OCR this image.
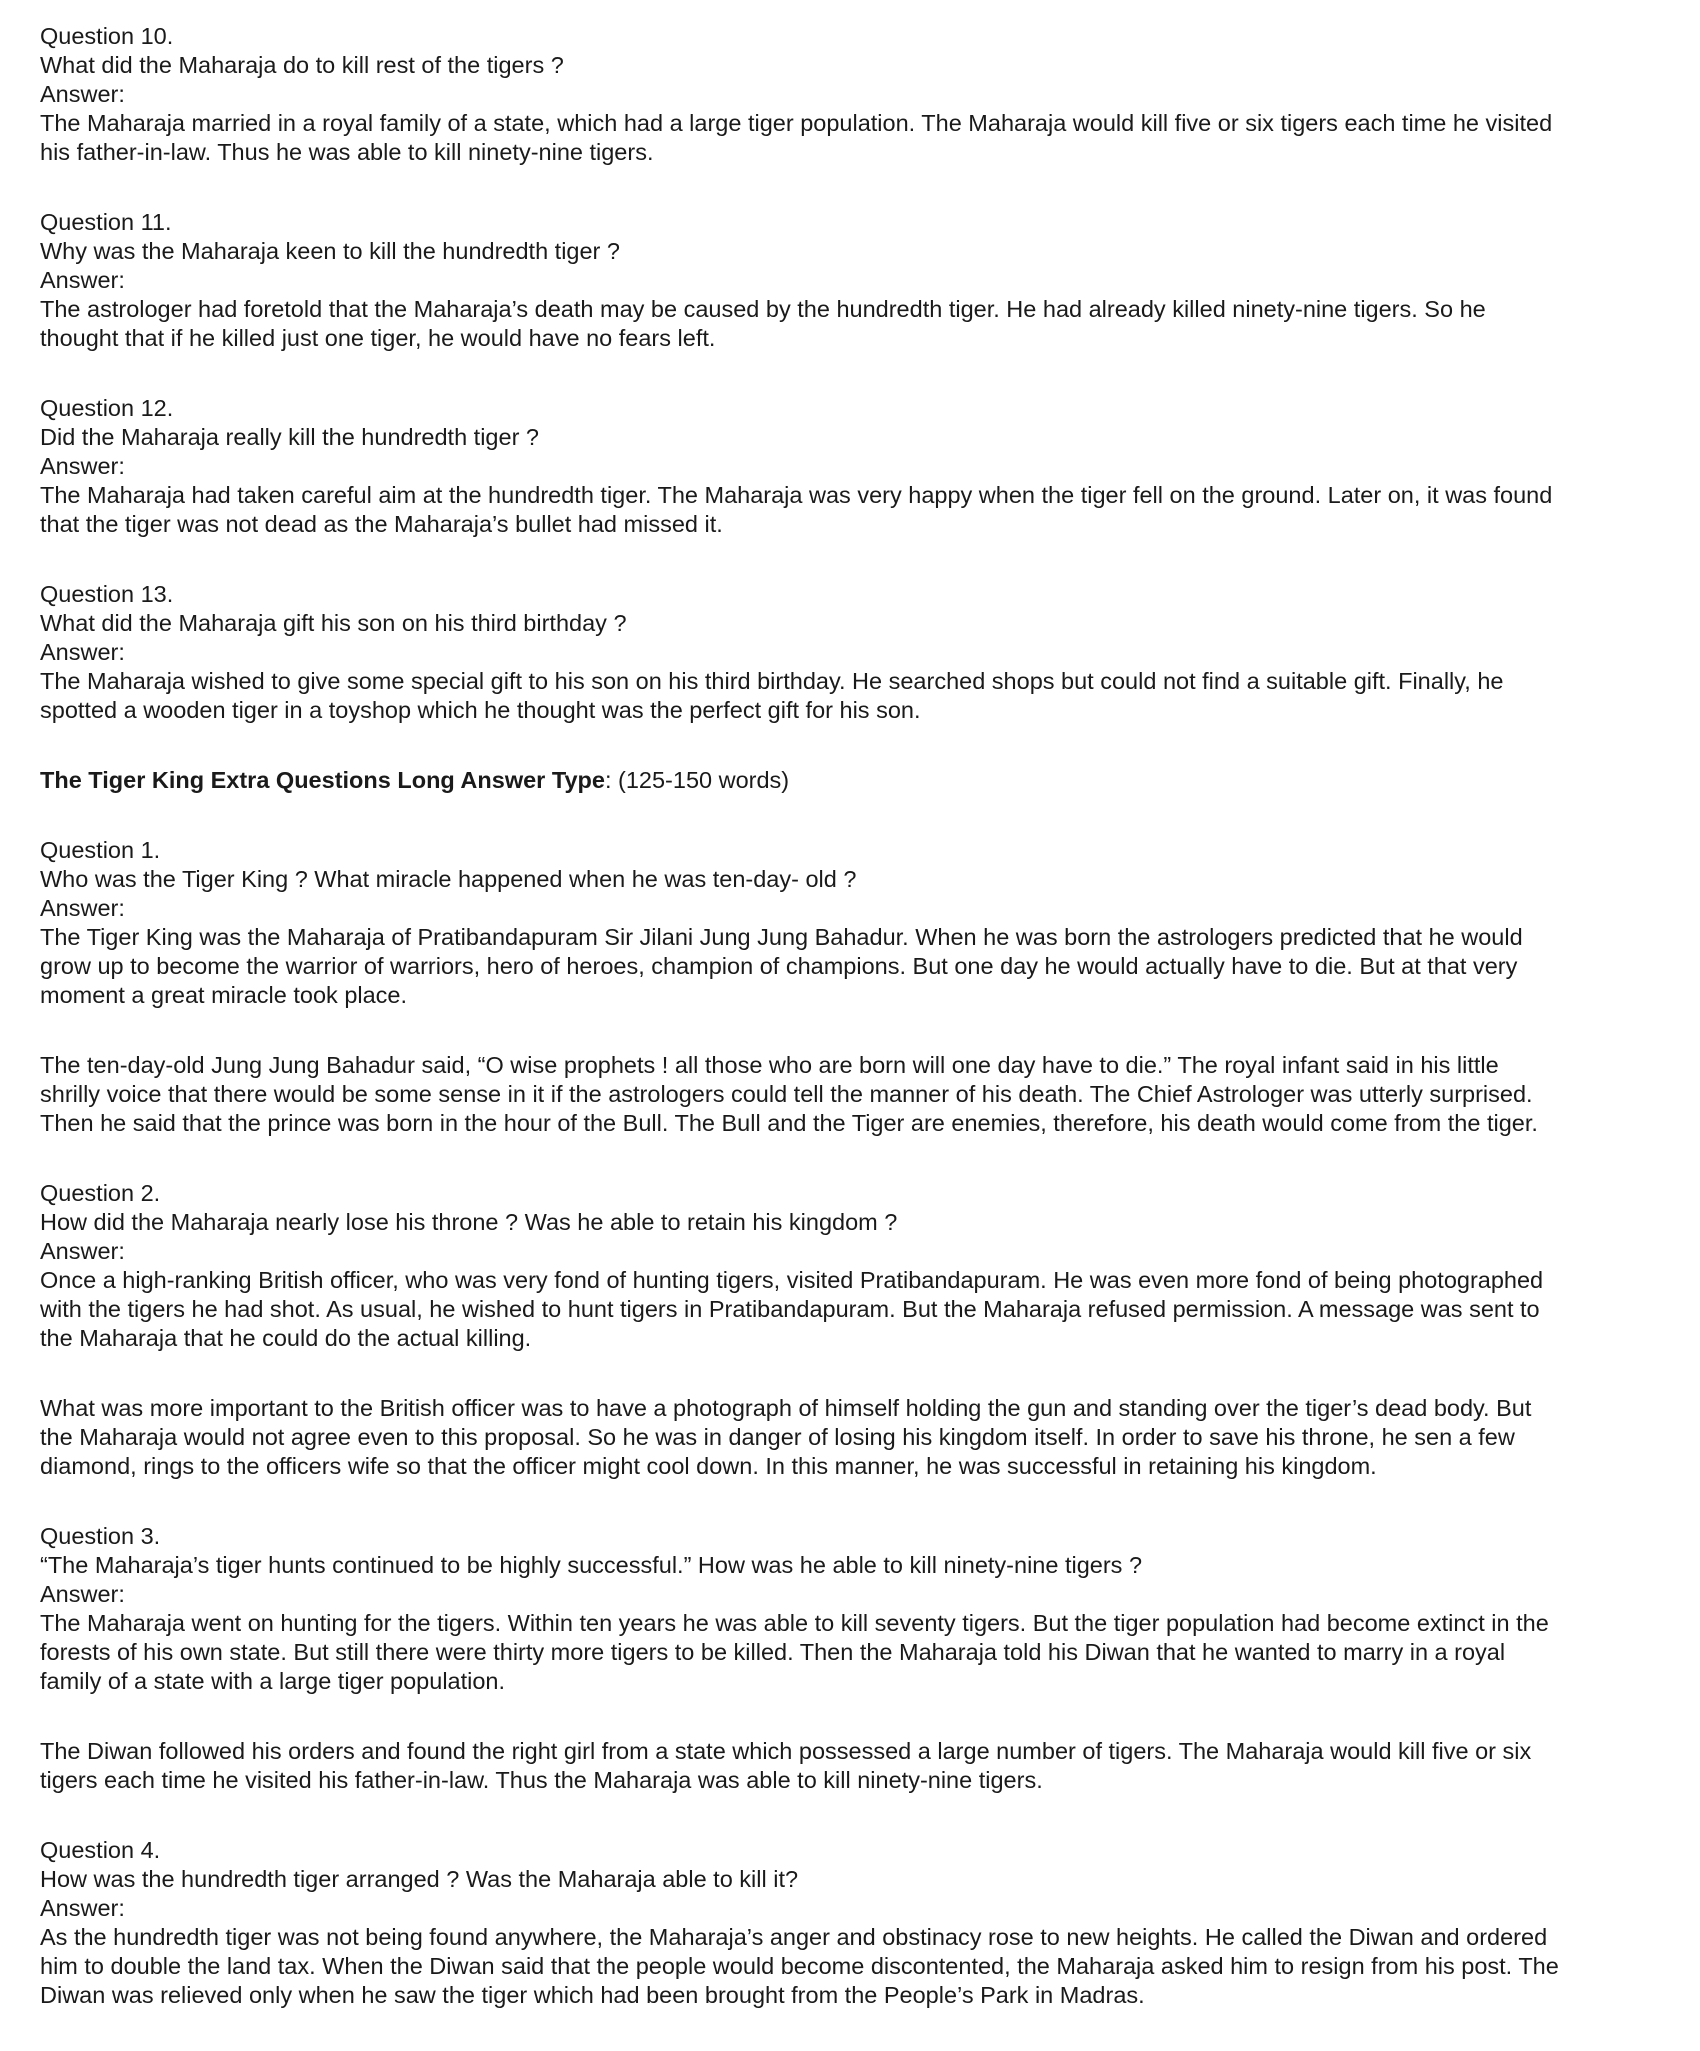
Question 10.
What did the Maharaja do to kill rest of the tigers ?
Answer:
The Maharaja married in a royal family of a state, which had a large tiger population. The Maharaja would kill five or six tigers each time he visited
his father-in-law. Thus he was able to kill ninety-nine tigers.
Question 11.
Why was the Maharaja keen to kill the hundredth tiger ?
Answer:
The astrologer had foretold that the Maharaja’s death may be caused by the hundredth tiger. He had already killed ninety-nine tigers. So he
thought that if he killed just one tiger, he would have no fears left.
Question 12.
Did the Maharaja really kill the hundredth tiger ?
Answer:
The Maharaja had taken careful aim at the hundredth tiger. The Maharaja was very happy when the tiger fell on the ground. Later on, it was found
that the tiger was not dead as the Maharaja’s bullet had missed it.
Question 13.
What did the Maharaja gift his son on his third birthday ?
Answer:
The Maharaja wished to give some special gift to his son on his third birthday. He searched shops but could not find a suitable gift. Finally, he
spotted a wooden tiger in a toyshop which he thought was the perfect gift for his son.
The Tiger King Extra Questions Long Answer Type: (125-150 words)
Question 1.
Who was the Tiger King ? What miracle happened when he was ten-day- old ?
Answer:
The Tiger King was the Maharaja of Pratibandapuram Sir Jilani Jung Jung Bahadur. When he was born the astrologers predicted that he would
grow up to become the warrior of warriors, hero of heroes, champion of champions. But one day he would actually have to die. But at that very
moment a great miracle took place.
The ten-day-old Jung Jung Bahadur said, “O wise prophets ! all those who are born will one day have to die.” The royal infant said in his little
shrilly voice that there would be some sense in it if the astrologers could tell the manner of his death. The Chief Astrologer was utterly surprised.
Then he said that the prince was born in the hour of the Bull. The Bull and the Tiger are enemies, therefore, his death would come from the tiger.
Question 2.
How did the Maharaja nearly lose his throne ? Was he able to retain his kingdom ?
Answer:
Once a high-ranking British officer, who was very fond of hunting tigers, visited Pratibandapuram. He was even more fond of being photographed
with the tigers he had shot. As usual, he wished to hunt tigers in Pratibandapuram. But the Maharaja refused permission. A message was sent to
the Maharaja that he could do the actual killing.
What was more important to the British officer was to have a photograph of himself holding the gun and standing over the tiger’s dead body. But
the Maharaja would not agree even to this proposal. So he was in danger of losing his kingdom itself. In order to save his throne, he sen a few
diamond, rings to the officers wife so that the officer might cool down. In this manner, he was successful in retaining his kingdom.
Question 3.
“The Maharaja’s tiger hunts continued to be highly successful.” How was he able to kill ninety-nine tigers ?
Answer:
The Maharaja went on hunting for the tigers. Within ten years he was able to kill seventy tigers. But the tiger population had become extinct in the
forests of his own state. But still there were thirty more tigers to be killed. Then the Maharaja told his Diwan that he wanted to marry in a royal
family of a state with a large tiger population.
The Diwan followed his orders and found the right girl from a state which possessed a large number of tigers. The Maharaja would kill five or six
tigers each time he visited his father-in-law. Thus the Maharaja was able to kill ninety-nine tigers.
Question 4.
How was the hundredth tiger arranged ? Was the Maharaja able to kill it?
Answer:
As the hundredth tiger was not being found anywhere, the Maharaja’s anger and obstinacy rose to new heights. He called the Diwan and ordered
him to double the land tax. When the Diwan said that the people would become discontented, the Maharaja asked him to resign from his post. The
Diwan was relieved only when he saw the tiger which had been brought from the People’s Park in Madras.
